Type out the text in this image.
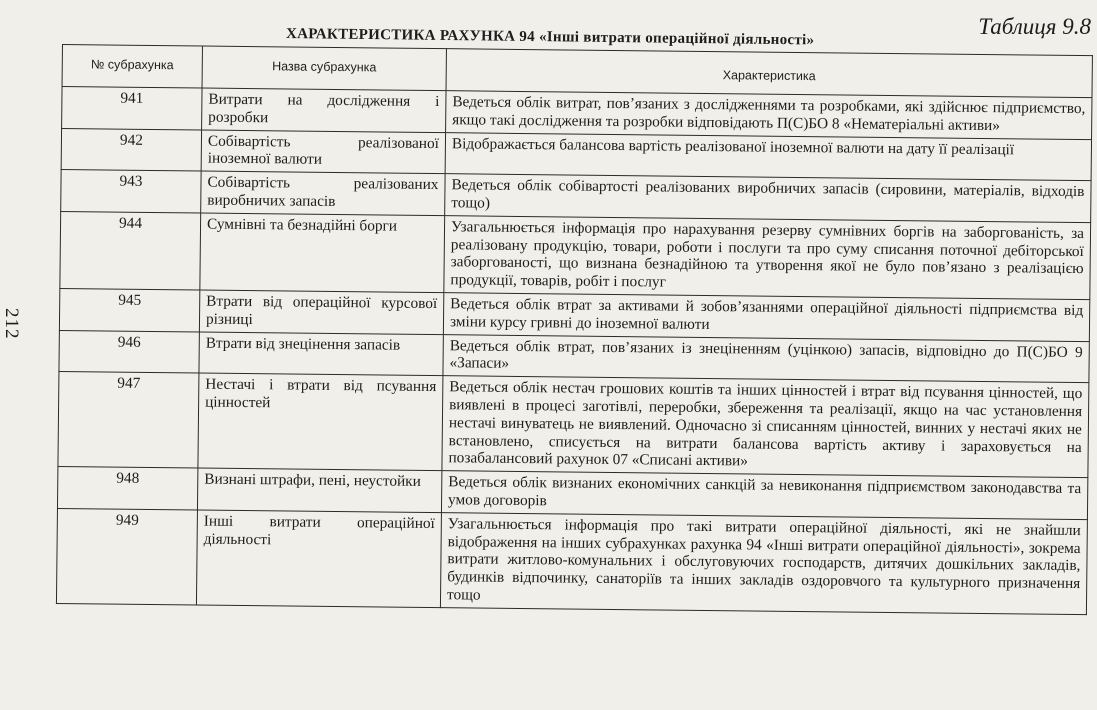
212
Таблиця 9.8
ХАРАКТЕРИСТИКА РАХУНКА 94 «Інші витрати операційної діяльності»
№ субрахунка	Назва субрахунка	Характеристика
941	Витрати на дослідження і розробки	Ведеться облік витрат, пов’язаних з дослідженнями та розробками, які здійснює підприємство, якщо такі дослідження та розробки відповідають П(С)БО 8 «Нематеріальні активи»
942	Собівартість реалізованої іноземної валюти	Відображається балансова вартість реалізованої іноземної валюти на дату її реалізації
943	Собівартість реалізованих виробничих запасів	Ведеться облік собівартості реалізованих виробничих запасів (сировини, матеріалів, відходів тощо)
944	Сумнівні та безнадійні борги	Узагальнюється інформація про нарахування резерву сумнівних боргів на заборгованість, за реалізовану продукцію, товари, роботи і послуги та про суму списання поточної дебіторської заборгованості, що визнана безнадійною та утворення якої не було пов’язано з реалізацією продукції, товарів, робіт і послуг
945	Втрати від операційної курсової різниці	Ведеться облік втрат за активами й зобов’язаннями операційної діяльності підприємства від зміни курсу гривні до іноземної валюти
946	Втрати від знецінення запасів	Ведеться облік втрат, пов’язаних із знеціненням (уцінкою) запасів, відповідно до П(С)БО 9 «Запаси»
947	Нестачі і втрати від псування цінностей	Ведеться облік нестач грошових коштів та інших цінностей і втрат від псування цінностей, що виявлені в процесі заготівлі, переробки, збереження та реалізації, якщо на час установлення нестачі винуватець не виявлений. Одночасно зі списанням цінностей, винних у нестачі яких не встановлено, списується на витрати балансова вартість активу і зараховується на позабалансовий рахунок 07 «Списані активи»
948	Визнані штрафи, пені, неустойки	Ведеться облік визнаних економічних санкцій за невиконання підприємством законодавства та умов договорів
949	Інші витрати операційної діяльності	Узагальнюється інформація про такі витрати операційної діяльності, які не знайшли відображення на інших субрахунках рахунка 94 «Інші витрати операційної діяльності», зокрема витрати житлово-комунальних і обслуговуючих господарств, дитячих дошкільних закладів, будинків відпочинку, санаторіїв та інших закладів оздоровчого та культурного призначення тощо
